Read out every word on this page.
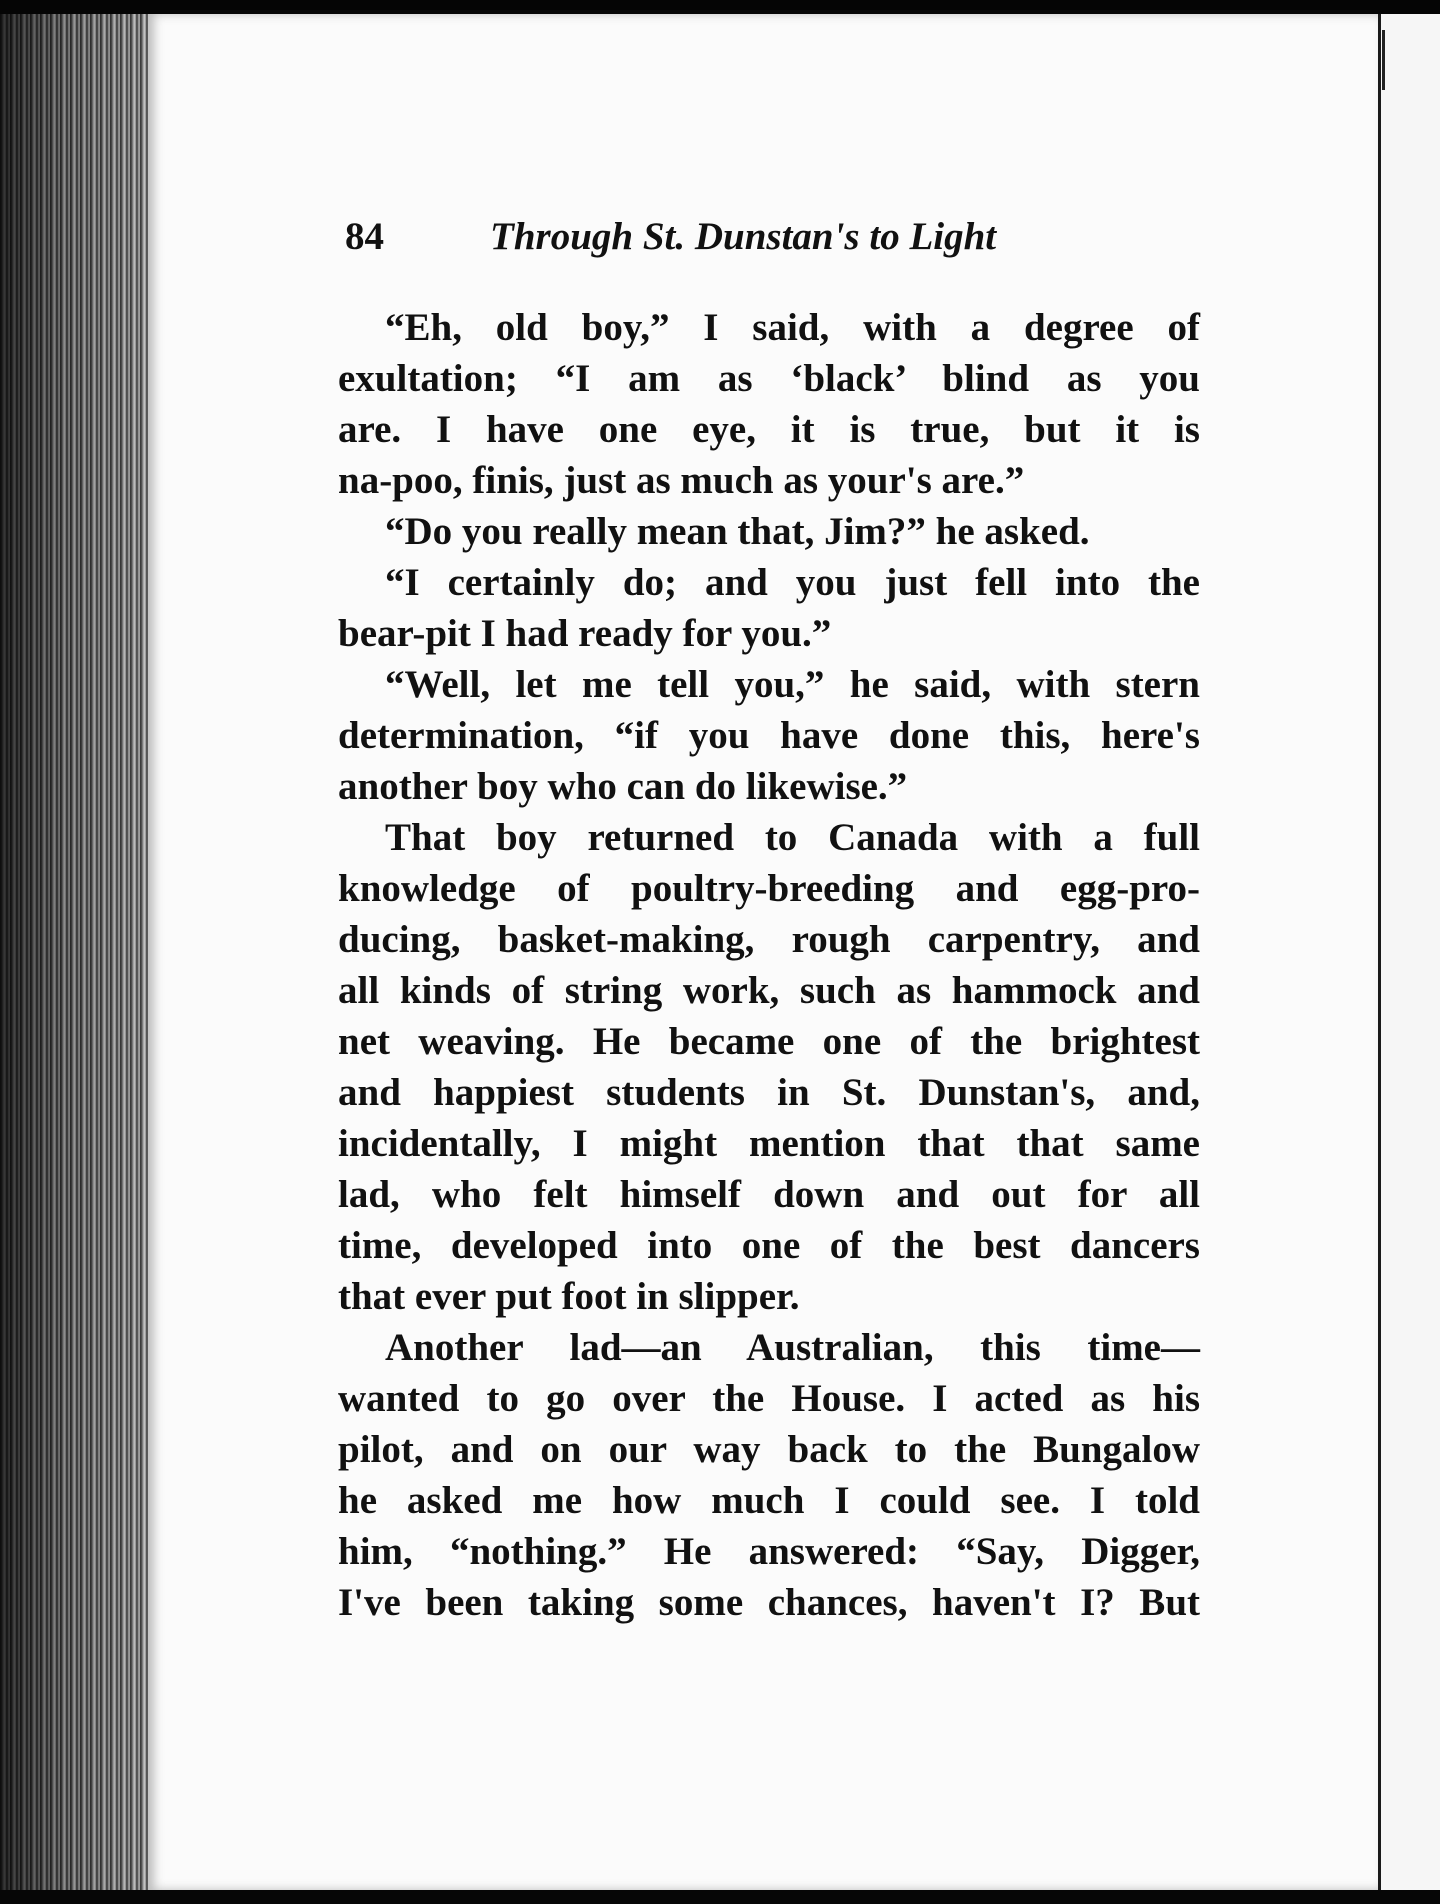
84	Through St. Dunstan's to Light
“Eh, old boy,” I said, with a degree of
exultation; “I am as ‘black’ blind as you
are. I have one eye, it is true, but it is
na-poo, finis, just as much as your's are.”
“Do you really mean that, Jim?” he asked.
“I certainly do; and you just fell into the
bear-pit I had ready for you.”
“Well, let me tell you,” he said, with stern
determination, “if you have done this, here's
another boy who can do likewise.”
That boy returned to Canada with a full
knowledge of poultry-breeding and egg-pro-
ducing, basket-making, rough carpentry, and
all kinds of string work, such as hammock and
net weaving. He became one of the brightest
and happiest students in St. Dunstan's, and,
incidentally, I might mention that that same
lad, who felt himself down and out for all
time, developed into one of the best dancers
that ever put foot in slipper.
Another lad—an Australian, this time—
wanted to go over the House. I acted as his
pilot, and on our way back to the Bungalow
he asked me how much I could see. I told
him, “nothing.” He answered: “Say, Digger,
I've been taking some chances, haven't I? But
